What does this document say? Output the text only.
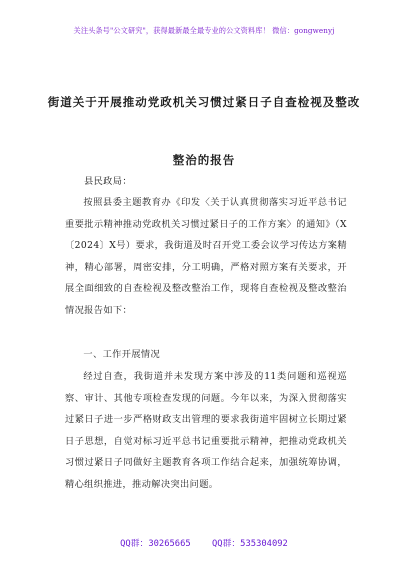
关注头条号"公文研究"，获得最新最全最专业的公文资料库！ 微信：gongwenyj
街道关于开展推动党政机关习惯过紧日子自查检视及整改
整治的报告

县民政局：

按照县委主题教育办《印发〈关于认真贯彻落实习近平总书记重要批示精神推动党政机关习惯过紧日子的工作方案〉的通知》（X〔2024〕X号）要求，我街道及时召开党工委会议学习传达方案精神，精心部署，周密安排，分工明确，严格对照方案有关要求，开展全面细致的自查检视及整改整治工作，现将自查检视及整改整治情况报告如下：

一、工作开展情况

经过自查，我街道并未发现方案中涉及的11类问题和巡视巡察、审计、其他专项检查发现的问题。今年以来，为深入贯彻落实过紧日子进一步严格财政支出管理的要求我街道牢固树立长期过紧日子思想，自觉对标习近平总书记重要批示精神，把推动党政机关习惯过紧日子同做好主题教育各项工作结合起来，加强统筹协调，精心组织推进，推动解决突出问题。

QQ群：30265665 QQ群：535304092
